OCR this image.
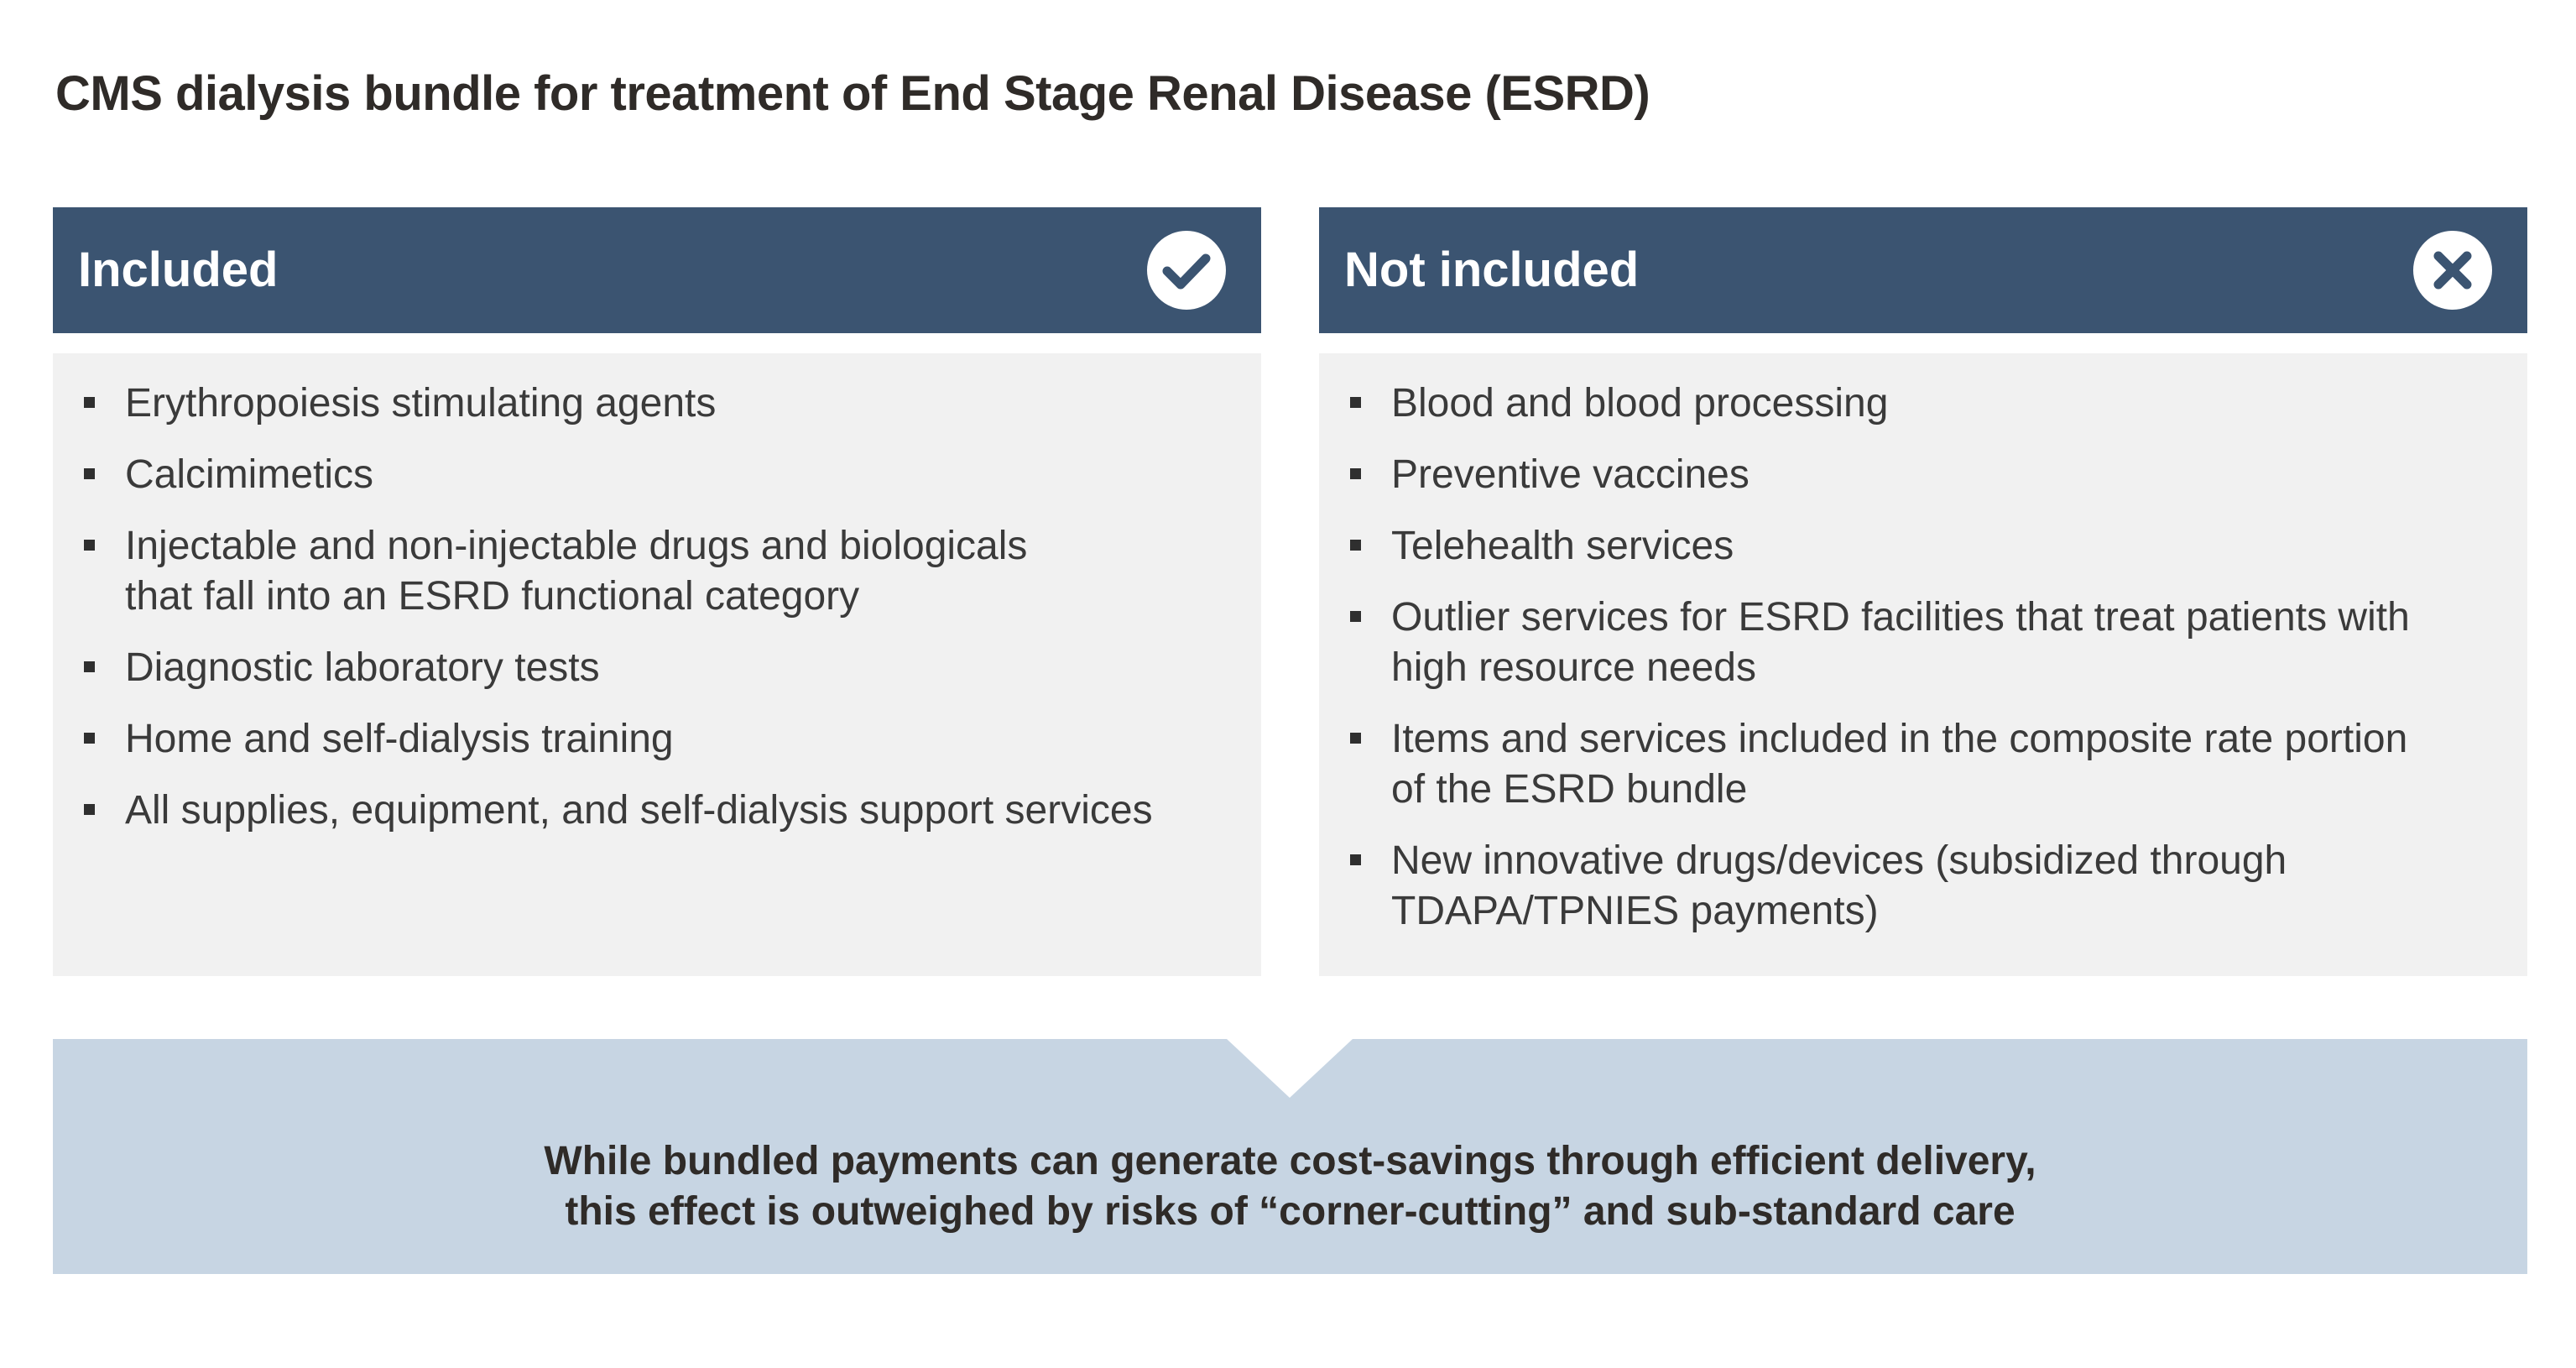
CMS dialysis bundle for treatment of End Stage Renal Disease (ESRD)
Included	Not included
Erythropoiesis stimulating agents
Calcimimetics
Injectable and non-injectable drugs and biologicals
that fall into an ESRD functional category
Diagnostic laboratory tests
Home and self-dialysis training
All supplies, equipment, and self-dialysis support services
Blood and blood processing
Preventive vaccines
Telehealth services
Outlier services for ESRD facilities that treat patients with
high resource needs
Items and services included in the composite rate portion
of the ESRD bundle
New innovative drugs/devices (subsidized through
TDAPA/TPNIES payments)
While bundled payments can generate cost-savings through efficient delivery,
this effect is outweighed by risks of “corner-cutting” and sub-standard care
